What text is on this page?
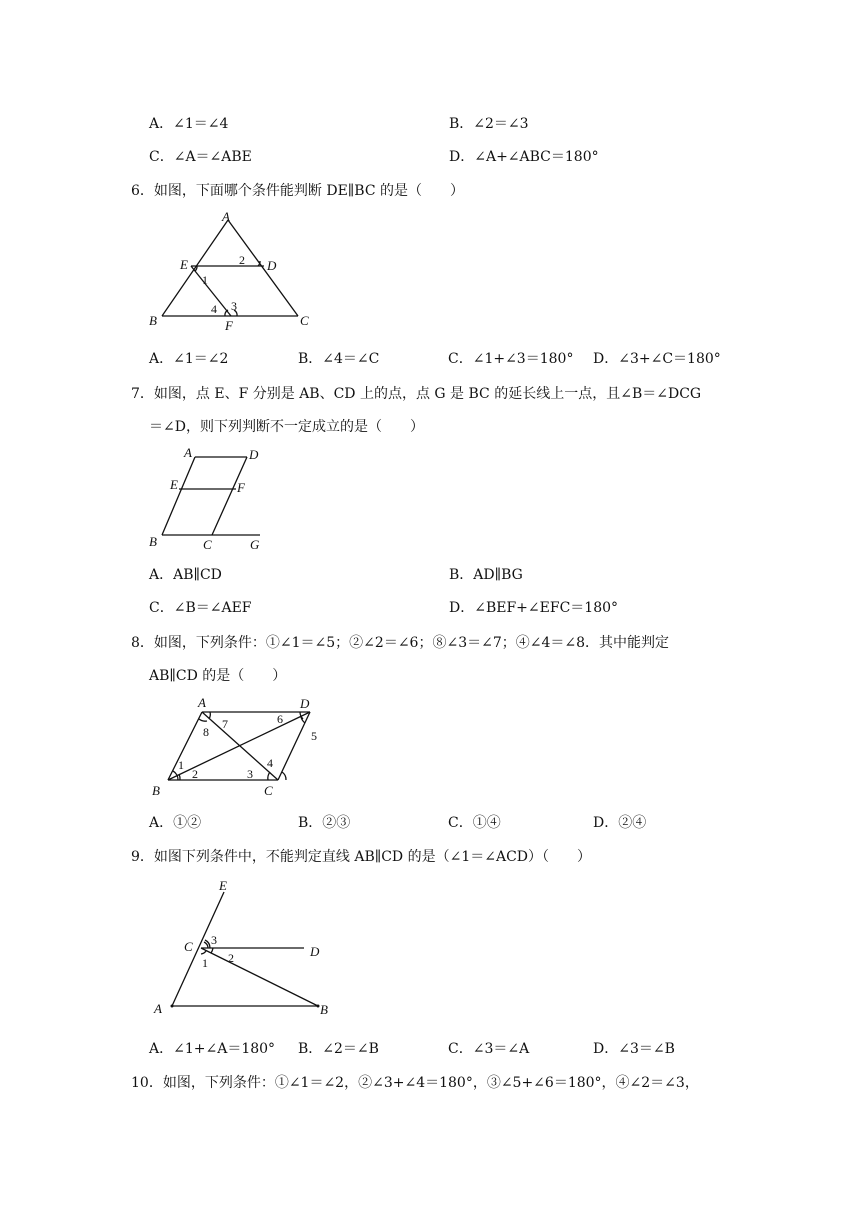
A．∠1＝∠4	B．∠2＝∠3
C．∠A＝∠ABE	D．∠A+∠ABC＝180°
6．如图，下面哪个条件能判断 DE∥BC 的是（　　）
A
E	D
B	C
F
1
2
3
4
A．∠1＝∠2	B．∠4＝∠C	C．∠1+∠3＝180° D．∠3+∠C＝180°
7．如图，点 E、F 分别是 AB、CD 上的点，点 G 是 BC 的延长线上一点，且∠B＝∠DCG
＝∠D，则下列判断不一定成立的是（　　）
A	D
E	F
B	C	G
A．AB∥CD	B．AD∥BG
C．∠B＝∠AEF	D．∠BEF+∠EFC＝180°
8．如图，下列条件：①∠1＝∠5；②∠2＝∠6；⑧∠3＝∠7；④∠4＝∠8．其中能判定
AB∥CD 的是（　　）
A	D
B	C
1
2	3
4
5
6
7
8
A．①②	B．②③	C．①④	D．②④
9．如图下列条件中，不能判定直线 AB∥CD 的是（∠1＝∠ACD）（　　）
E
C	D
A	B
1 2
3
A．∠1+∠A＝180° B．∠2＝∠B	C．∠3＝∠A	D．∠3＝∠B
10．如图，下列条件：①∠1＝∠2，②∠3+∠4＝180°，③∠5+∠6＝180°，④∠2＝∠3，
